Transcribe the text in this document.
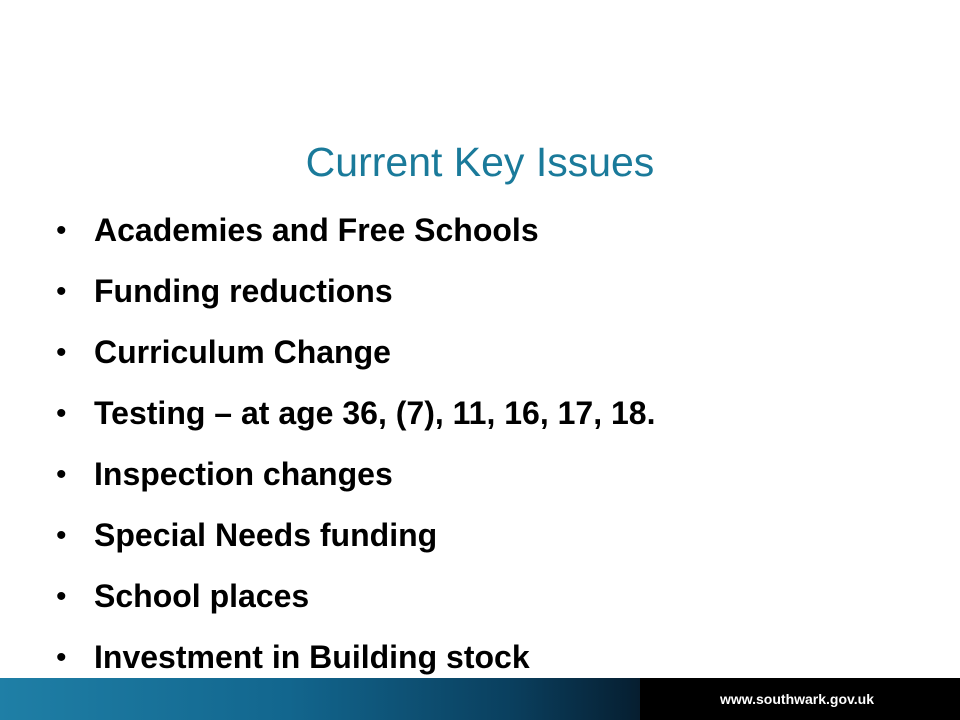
Current Key Issues
• Academies and Free Schools
• Funding reductions
• Curriculum Change
• Testing – at age 36, (7), 11, 16, 17, 18.
• Inspection changes
• Special Needs funding
• School places
• Investment in Building stock
www.southwark.gov.uk
